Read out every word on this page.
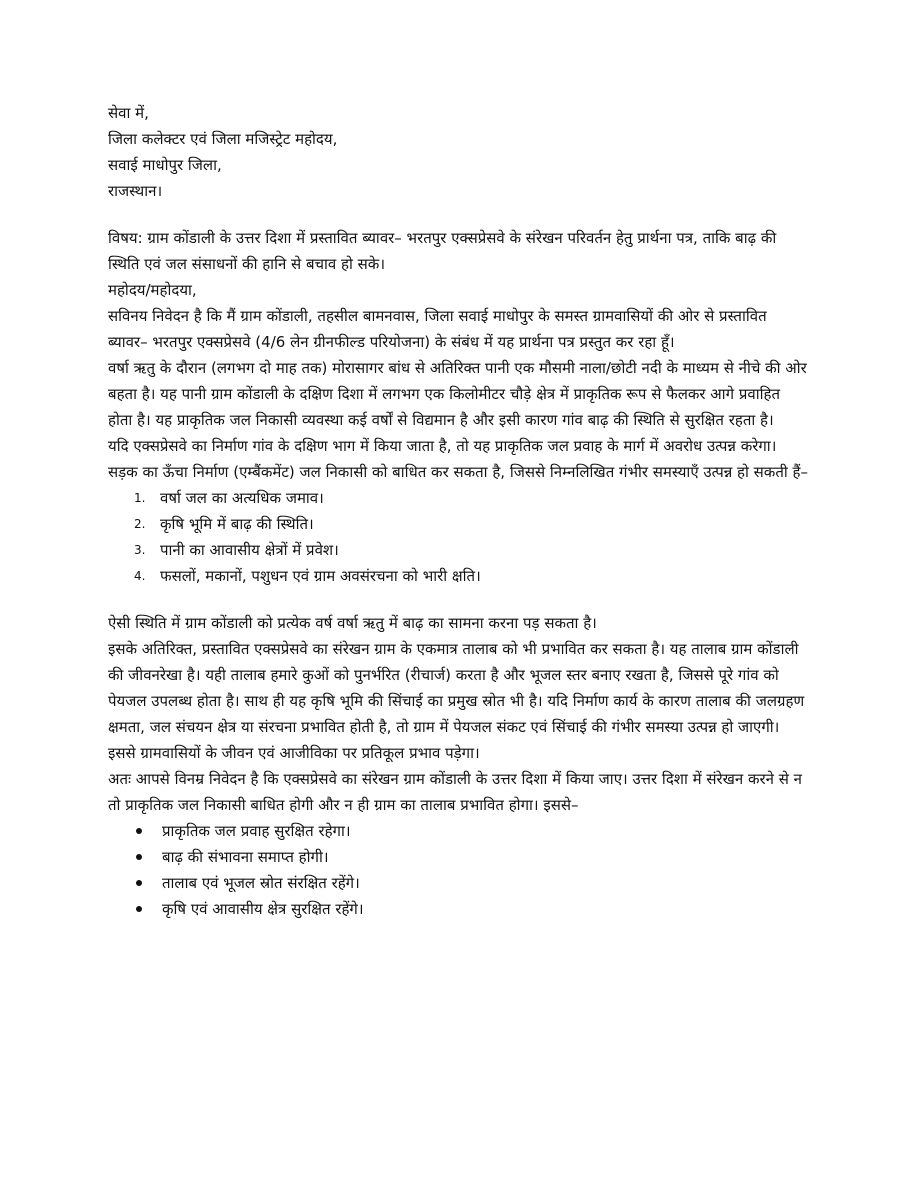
सेवा में,
जिला कलेक्टर एवं जिला मजिस्ट्रेट महोदय,
सवाई माधोपुर जिला,
राजस्थान।

विषय: ग्राम कोंडाली के उत्तर दिशा में प्रस्तावित ब्यावर– भरतपुर एक्सप्रेसवे के संरेखन परिवर्तन हेतु प्रार्थना पत्र, ताकि बाढ़ की स्थिति एवं जल संसाधनों की हानि से बचाव हो सके।

महोदय/महोदया,

सविनय निवेदन है कि मैं ग्राम कोंडाली, तहसील बामनवास, जिला सवाई माधोपुर के समस्त ग्रामवासियों की ओर से प्रस्तावित ब्यावर– भरतपुर एक्सप्रेसवे (4/6 लेन ग्रीनफील्ड परियोजना) के संबंध में यह प्रार्थना पत्र प्रस्तुत कर रहा हूँ।

वर्षा ऋतु के दौरान (लगभग दो माह तक) मोरासागर बांध से अतिरिक्त पानी एक मौसमी नाला/छोटी नदी के माध्यम से नीचे की ओर बहता है। यह पानी ग्राम कोंडाली के दक्षिण दिशा में लगभग एक किलोमीटर चौड़े क्षेत्र में प्राकृतिक रूप से फैलकर आगे प्रवाहित होता है। यह प्राकृतिक जल निकासी व्यवस्था कई वर्षों से विद्यमान है और इसी कारण गांव बाढ़ की स्थिति से सुरक्षित रहता है।

यदि एक्सप्रेसवे का निर्माण गांव के दक्षिण भाग में किया जाता है, तो यह प्राकृतिक जल प्रवाह के मार्ग में अवरोध उत्पन्न करेगा। सड़क का ऊँचा निर्माण (एम्बैंकमेंट) जल निकासी को बाधित कर सकता है, जिससे निम्नलिखित गंभीर समस्याएँ उत्पन्न हो सकती हैं–

1. वर्षा जल का अत्यधिक जमाव।
2. कृषि भूमि में बाढ़ की स्थिति।
3. पानी का आवासीय क्षेत्रों में प्रवेश।
4. फसलों, मकानों, पशुधन एवं ग्राम अवसंरचना को भारी क्षति।

ऐसी स्थिति में ग्राम कोंडाली को प्रत्येक वर्ष वर्षा ऋतु में बाढ़ का सामना करना पड़ सकता है।

इसके अतिरिक्त, प्रस्तावित एक्सप्रेसवे का संरेखन ग्राम के एकमात्र तालाब को भी प्रभावित कर सकता है। यह तालाब ग्राम कोंडाली की जीवनरेखा है। यही तालाब हमारे कुओं को पुनर्भरित (रीचार्ज) करता है और भूजल स्तर बनाए रखता है, जिससे पूरे गांव को पेयजल उपलब्ध होता है। साथ ही यह कृषि भूमि की सिंचाई का प्रमुख स्रोत भी है। यदि निर्माण कार्य के कारण तालाब की जलग्रहण क्षमता, जल संचयन क्षेत्र या संरचना प्रभावित होती है, तो ग्राम में पेयजल संकट एवं सिंचाई की गंभीर समस्या उत्पन्न हो जाएगी। इससे ग्रामवासियों के जीवन एवं आजीविका पर प्रतिकूल प्रभाव पड़ेगा।

अतः आपसे विनम्र निवेदन है कि एक्सप्रेसवे का संरेखन ग्राम कोंडाली के उत्तर दिशा में किया जाए। उत्तर दिशा में संरेखन करने से न तो प्राकृतिक जल निकासी बाधित होगी और न ही ग्राम का तालाब प्रभावित होगा। इससे–

प्राकृतिक जल प्रवाह सुरक्षित रहेगा।
बाढ़ की संभावना समाप्त होगी।
तालाब एवं भूजल स्रोत संरक्षित रहेंगे।
कृषि एवं आवासीय क्षेत्र सुरक्षित रहेंगे।
